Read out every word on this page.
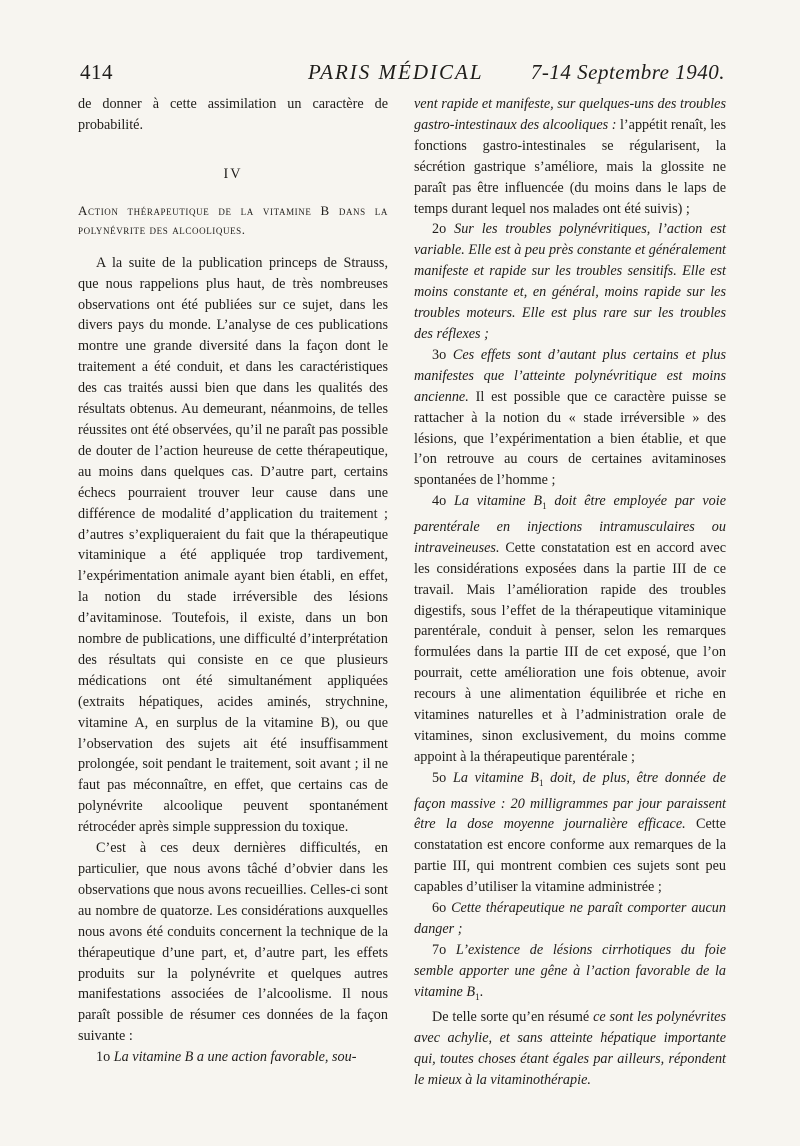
414	PARIS MÉDICAL 7-14 Septembre 1940.

de donner à cette assimilation un caractère de probabilité.

IV

Action thérapeutique de la vitamine B dans la polynévrite des alcooliques.

A la suite de la publication princeps de Strauss, que nous rappelions plus haut, de très nombreuses observations ont été publiées sur ce sujet, dans les divers pays du monde. L’analyse de ces publications montre une grande diversité dans la façon dont le traitement a été conduit, et dans les caractéristiques des cas traités aussi bien que dans les qualités des résultats obtenus. Au demeurant, néanmoins, de telles réussites ont été observées, qu’il ne paraît pas possible de douter de l’action heureuse de cette thérapeutique, au moins dans quelques cas. D’autre part, certains échecs pourraient trouver leur cause dans une différence de modalité d’application du traitement ; d’autres s’expliqueraient du fait que la thérapeutique vitaminique a été appliquée trop tardivement, l’expérimentation animale ayant bien établi, en effet, la notion du stade irréversible des lésions d’avitaminose. Toutefois, il existe, dans un bon nombre de publications, une difficulté d’interprétation des résultats qui consiste en ce que plusieurs médications ont été simultanément appliquées (extraits hépatiques, acides aminés, strychnine, vitamine A, en surplus de la vitamine B), ou que l’observation des sujets ait été insuffisamment prolongée, soit pendant le traitement, soit avant ; il ne faut pas méconnaître, en effet, que certains cas de polynévrite alcoolique peuvent spontanément rétrocéder après simple suppression du toxique.

C’est à ces deux dernières difficultés, en particulier, que nous avons tâché d’obvier dans les observations que nous avons recueillies. Celles-ci sont au nombre de quatorze. Les considérations auxquelles nous avons été conduits concernent la technique de la thérapeutique d’une part, et, d’autre part, les effets produits sur la polynévrite et quelques autres manifestations associées de l’alcoolisme. Il nous paraît possible de résumer ces données de la façon suivante :

1o La vitamine B a une action favorable, sou-

vent rapide et manifeste, sur quelques-uns des troubles gastro-intestinaux des alcooliques : l’appétit renaît, les fonctions gastro-intestinales se régularisent, la sécrétion gastrique s’améliore, mais la glossite ne paraît pas être influencée (du moins dans le laps de temps durant lequel nos malades ont été suivis) ;

2o Sur les troubles polynévritiques, l’action est variable. Elle est à peu près constante et généralement manifeste et rapide sur les troubles sensitifs. Elle est moins constante et, en général, moins rapide sur les troubles moteurs. Elle est plus rare sur les troubles des réflexes ;

3o Ces effets sont d’autant plus certains et plus manifestes que l’atteinte polynévritique est moins ancienne. Il est possible que ce caractère puisse se rattacher à la notion du « stade irréversible » des lésions, que l’expérimentation a bien établie, et que l’on retrouve au cours de certaines avitaminoses spontanées de l’homme ;

4o La vitamine $B_1$ doit être employée par voie parentérale en injections intramusculaires ou intraveineuses. Cette constatation est en accord avec les considérations exposées dans la partie III de ce travail. Mais l’amélioration rapide des troubles digestifs, sous l’effet de la thérapeutique vitaminique parentérale, conduit à penser, selon les remarques formulées dans la partie III de cet exposé, que l’on pourrait, cette amélioration une fois obtenue, avoir recours à une alimentation équilibrée et riche en vitamines naturelles et à l’administration orale de vitamines, sinon exclusivement, du moins comme appoint à la thérapeutique parentérale ;

5o La vitamine $B_1$ doit, de plus, être donnée de façon massive : 20 milligrammes par jour paraissent être la dose moyenne journalière efficace. Cette constatation est encore conforme aux remarques de la partie III, qui montrent combien ces sujets sont peu capables d’utiliser la vitamine administrée ;

6o Cette thérapeutique ne paraît comporter aucun danger ;

7o L’existence de lésions cirrhotiques du foie semble apporter une gêne à l’action favorable de la vitamine $B_1$.

De telle sorte qu’en résumé ce sont les polynévrites avec achylie, et sans atteinte hépatique importante qui, toutes choses étant égales par ailleurs, répondent le mieux à la vitaminothérapie.
